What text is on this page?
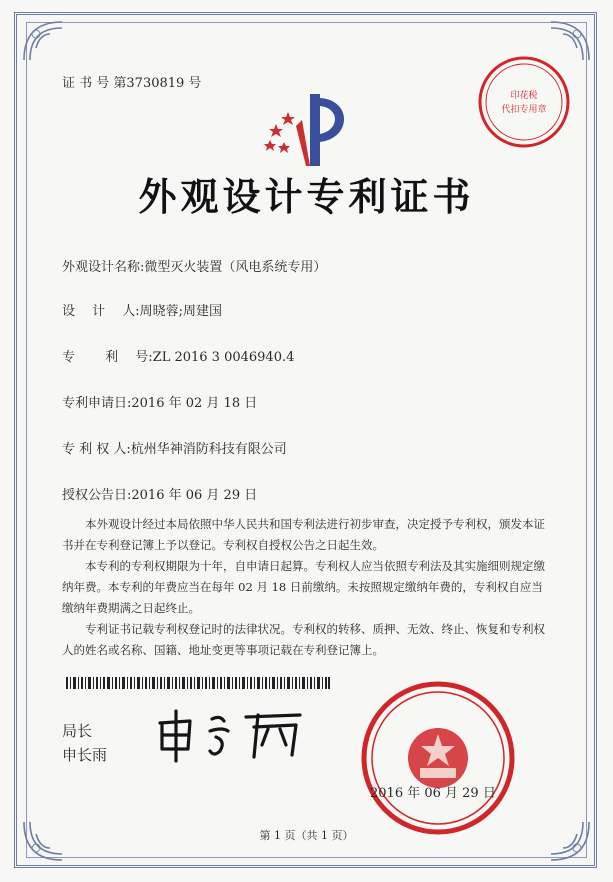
证 书 号 第3730819 号
印花税
代扣专用章
外观设计专利证书
外观设计名称:微型灭火装置（风电系统专用）
设　 计　 人:周晓蓉;周建国
专　 　利　 号:ZL 2016 3 0046940.4
专利申请日:2016 年 02 月 18 日
专 利 权 人:杭州华神消防科技有限公司
授权公告日:2016 年 06 月 29 日

本外观设计经过本局依照中华人民共和国专利法进行初步审查，决定授予专利权，颁发本证书并在专利登记簿上予以登记。专利权自授权公告之日起生效。

本专利的专利权期限为十年，自申请日起算。专利权人应当依照专利法及其实施细则规定缴纳年费。本专利的年费应当在每年 02 月 18 日前缴纳。未按照规定缴纳年费的，专利权自应当缴纳年费期满之日起终止。

专利证书记载专利权登记时的法律状况。专利权的转移、质押、无效、终止、恢复和专利权人的姓名或名称、国籍、地址变更等事项记载在专利登记簿上。

局长
申长雨
2016 年 06 月 29 日
第 1 页（共 1 页）
